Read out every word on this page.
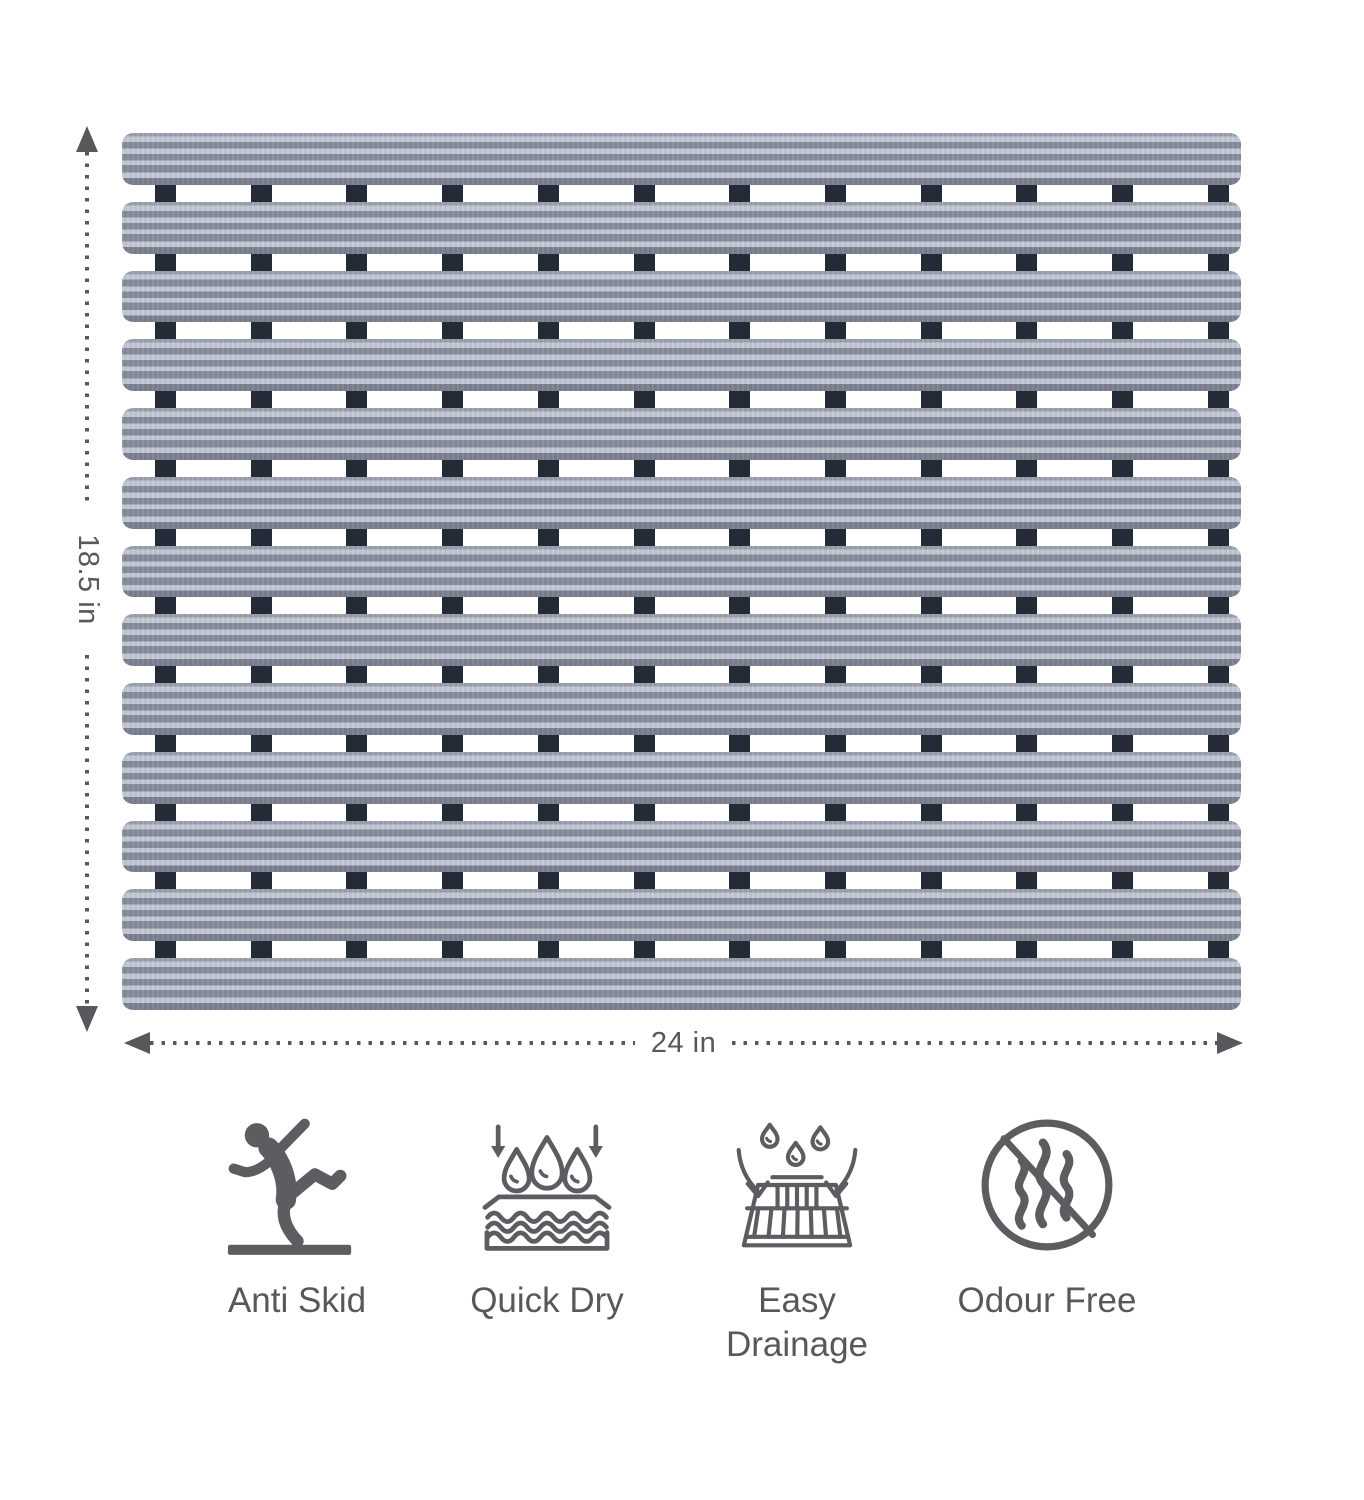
18.5 in
24 in
Anti Skid	Quick Dry	Easy Drainage
Odour Free
